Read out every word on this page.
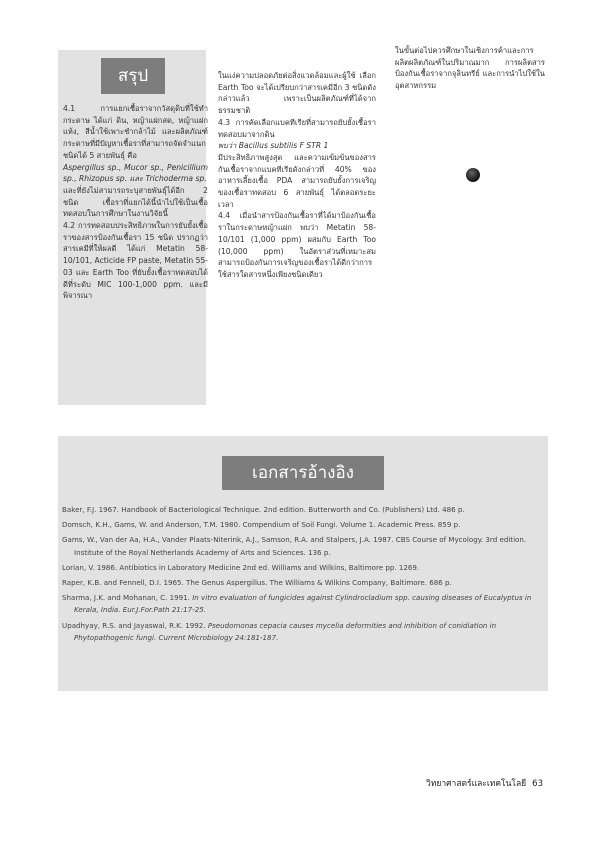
สรุป

4.1 การแยกเชื้อราจากวัสดุดิบที่ใช้ทำกระดาษ ได้แก่ ดิน, หญ้าแฝกสด, หญ้าแฝกแห้ง, สีน้ำใช้เพาะชำกล้าไม้ และผลิตภัณฑ์กระดาษที่มีปัญหาเชื้อราที่สามารถจัดจำแนกชนิดได้ 5 สายพันธุ์ คือ

Aspergillus sp., Mucor sp., Penicillium sp., Rhizopus sp. และ Trichoderma sp.

และที่ยังไม่สามารถระบุสายพันธุ์ได้อีก 2 ชนิด เชื้อราที่แยกได้นี้นำไปใช้เป็นเชื้อทดสอบในการศึกษาในงานวิจัยนี้

4.2 การทดสอบประสิทธิภาพในการยับยั้งเชื้อราของสารป้องกันเชื้อรา 15 ชนิด ปรากฏว่าสารเคมีที่ให้ผลดี ได้แก่ Metatin 58-10/101, Acticide FP paste, Metatin 55-03 และ Earth Too ที่ยับยั้งเชื้อราทดสอบได้ดีที่ระดับ MIC 100-1,000 ppm. และมีพิจารณา

ในแง่ความปลอดภัยต่อสิ่งแวดล้อมและผู้ใช้ เลือก Earth Too จะได้เปรียบกว่าสารเคมีอีก 3 ชนิดดังกล่าวแล้ว เพราะเป็นผลิตภัณฑ์ที่ได้จากธรรมชาติ

4.3 การคัดเลือกแบคทีเรียที่สามารถยับยั้งเชื้อราทดสอบมาจากดิน

พบว่า Bacillus subtilis F STR 1

มีประสิทธิภาพสูงสุด และความเข้มข้นของสารกันเชื้อราจากแบคทีเรียดังกล่าวที่ 40% ของอาหารเลี้ยงเชื้อ PDA สามารถยับยั้งการเจริญของเชื้อราทดสอบ 6 สายพันธุ์ ได้ตลอดระยะเวลา

4.4 เมื่อนำสารป้องกันเชื้อราที่ได้มาป้องกันเชื้อราในกระดาษหญ้าแฝก พบว่า Metatin 58-10/101 (1,000 ppm) ผสมกับ Earth Too (10,000 ppm) ในอัตราส่วนที่เหมาะสม สามารถป้องกันการเจริญของเชื้อราได้ดีกว่าการใช้สารใดสารหนึ่งเพียงชนิดเดียว

ในขั้นต่อไปควรศึกษาในเชิงการค้าและการผลิตผลิตภัณฑ์ในปริมาณมาก การผลิตสารป้องกันเชื้อราจากจุลินทรีย์ และการนำไปใช้ในอุตสาหกรรม

เอกสารอ้างอิง

Baker, F.J. 1967. Handbook of Bacteriological Technique. 2nd edition. Butterworth and Co. (Publishers) Ltd. 486 p.

Domsch, K.H., Gams, W. and Anderson, T.M. 1980. Compendium of Soil Fungi. Volume 1. Academic Press. 859 p.

Gams, W., Van der Aa, H.A., Vander Plaats-Niterink, A.J., Samson, R.A. and Stalpers, J.A. 1987. CBS Course of Mycology. 3rd edition. Institute of the Royal Netherlands Academy of Arts and Sciences. 136 p.

Lorian, V. 1986. Antibiotics in Laboratory Medicine 2nd ed. Williams and Wilkins, Baltimore pp. 1269.

Raper, K.B. and Fennell, D.I. 1965. The Genus Aspergillus. The Williams & Wilkins Company, Baltimore. 686 p.

Sharma, J.K. and Mohanan, C. 1991. In vitro evaluation of fungicides against Cylindrocladium spp. causing diseases of Eucalyptus in Kerala, India. Eur.J.For.Path 21:17-25.

Upadhyay, R.S. and Jayaswal, R.K. 1992. Pseudomonas cepacia causes mycelia deformities and inhibition of conidiation in Phytopathogenic fungi. Current Microbiology 24:181-187.

วิทยาศาสตร์และเทคโนโลยี 63
